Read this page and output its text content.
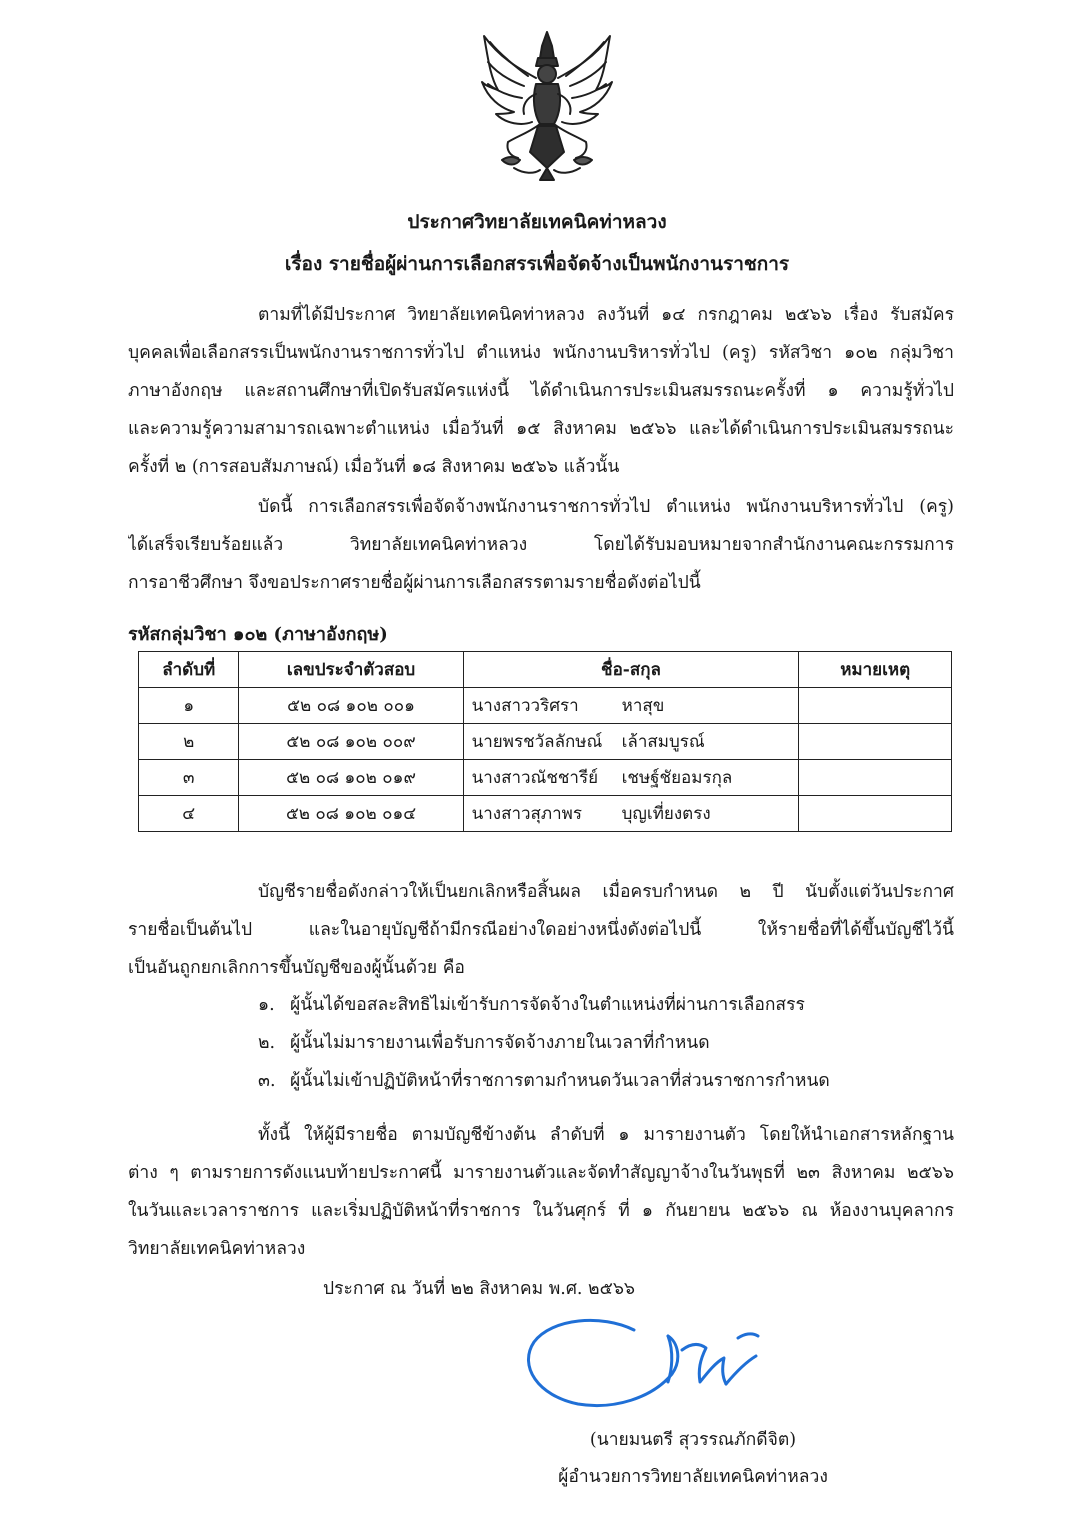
ประกาศวิทยาลัยเทคนิคท่าหลวง
เรื่อง รายชื่อผู้ผ่านการเลือกสรรเพื่อจัดจ้างเป็นพนักงานราชการ
ตามที่ได้มีประกาศ วิทยาลัยเทคนิคท่าหลวง ลงวันที่ ๑๔ กรกฎาคม ๒๕๖๖ เรื่อง รับสมัคร
บุคคลเพื่อเลือกสรรเป็นพนักงานราชการทั่วไป ตำแหน่ง พนักงานบริหารทั่วไป (ครู) รหัสวิชา ๑๐๒ กลุ่มวิชา
ภาษาอังกฤษ และสถานศึกษาที่เปิดรับสมัครแห่งนี้ ได้ดำเนินการประเมินสมรรถนะครั้งที่ ๑ ความรู้ทั่วไป
และความรู้ความสามารถเฉพาะตำแหน่ง เมื่อวันที่ ๑๕ สิงหาคม ๒๕๖๖ และได้ดำเนินการประเมินสมรรถนะ
ครั้งที่ ๒ (การสอบสัมภาษณ์) เมื่อวันที่ ๑๘ สิงหาคม ๒๕๖๖ แล้วนั้น
บัดนี้ การเลือกสรรเพื่อจัดจ้างพนักงานราชการทั่วไป ตำแหน่ง พนักงานบริหารทั่วไป (ครู)
ได้เสร็จเรียบร้อยแล้ว วิทยาลัยเทคนิคท่าหลวง โดยได้รับมอบหมายจากสำนักงานคณะกรรมการ
การอาชีวศึกษา จึงขอประกาศรายชื่อผู้ผ่านการเลือกสรรตามรายชื่อดังต่อไปนี้
รหัสกลุ่มวิชา ๑๐๒ (ภาษาอังกฤษ)
ลำดับที่	เลขประจำตัวสอบ	ชื่อ-สกุล	หมายเหตุ
๑	๕๒ ๐๘ ๑๐๒ ๐๐๑	นางสาววริศรา หาสุข	
๒	๕๒ ๐๘ ๑๐๒ ๐๐๙	นายพรชวัลลักษณ์ เล้าสมบูรณ์	
๓	๕๒ ๐๘ ๑๐๒ ๐๑๙	นางสาวณัชชารีย์ เชษฐ์ชัยอมรกุล	
๔	๕๒ ๐๘ ๑๐๒ ๐๑๔	นางสาวสุภาพร บุญเที่ยงตรง	
บัญชีรายชื่อดังกล่าวให้เป็นยกเลิกหรือสิ้นผล เมื่อครบกำหนด ๒ ปี นับตั้งแต่วันประกาศ
รายชื่อเป็นต้นไป และในอายุบัญชีถ้ามีกรณีอย่างใดอย่างหนึ่งดังต่อไปนี้ ให้รายชื่อที่ได้ขึ้นบัญชีไว้นี้
เป็นอันถูกยกเลิกการขึ้นบัญชีของผู้นั้นด้วย คือ
๑. ผู้นั้นได้ขอสละสิทธิไม่เข้ารับการจัดจ้างในตำแหน่งที่ผ่านการเลือกสรร
๒. ผู้นั้นไม่มารายงานเพื่อรับการจัดจ้างภายในเวลาที่กำหนด
๓. ผู้นั้นไม่เข้าปฏิบัติหน้าที่ราชการตามกำหนดวันเวลาที่ส่วนราชการกำหนด
ทั้งนี้ ให้ผู้มีรายชื่อ ตามบัญชีข้างต้น ลำดับที่ ๑ มารายงานตัว โดยให้นำเอกสารหลักฐาน
ต่าง ๆ ตามรายการดังแนบท้ายประกาศนี้ มารายงานตัวและจัดทำสัญญาจ้างในวันพุธที่ ๒๓ สิงหาคม ๒๕๖๖
ในวันและเวลาราชการ และเริ่มปฏิบัติหน้าที่ราชการ ในวันศุกร์ ที่ ๑ กันยายน ๒๕๖๖ ณ ห้องงานบุคลากร
วิทยาลัยเทคนิคท่าหลวง
ประกาศ ณ วันที่ ๒๒ สิงหาคม พ.ศ. ๒๕๖๖
(นายมนตรี สุวรรณภักดีจิต)
ผู้อำนวยการวิทยาลัยเทคนิคท่าหลวง
